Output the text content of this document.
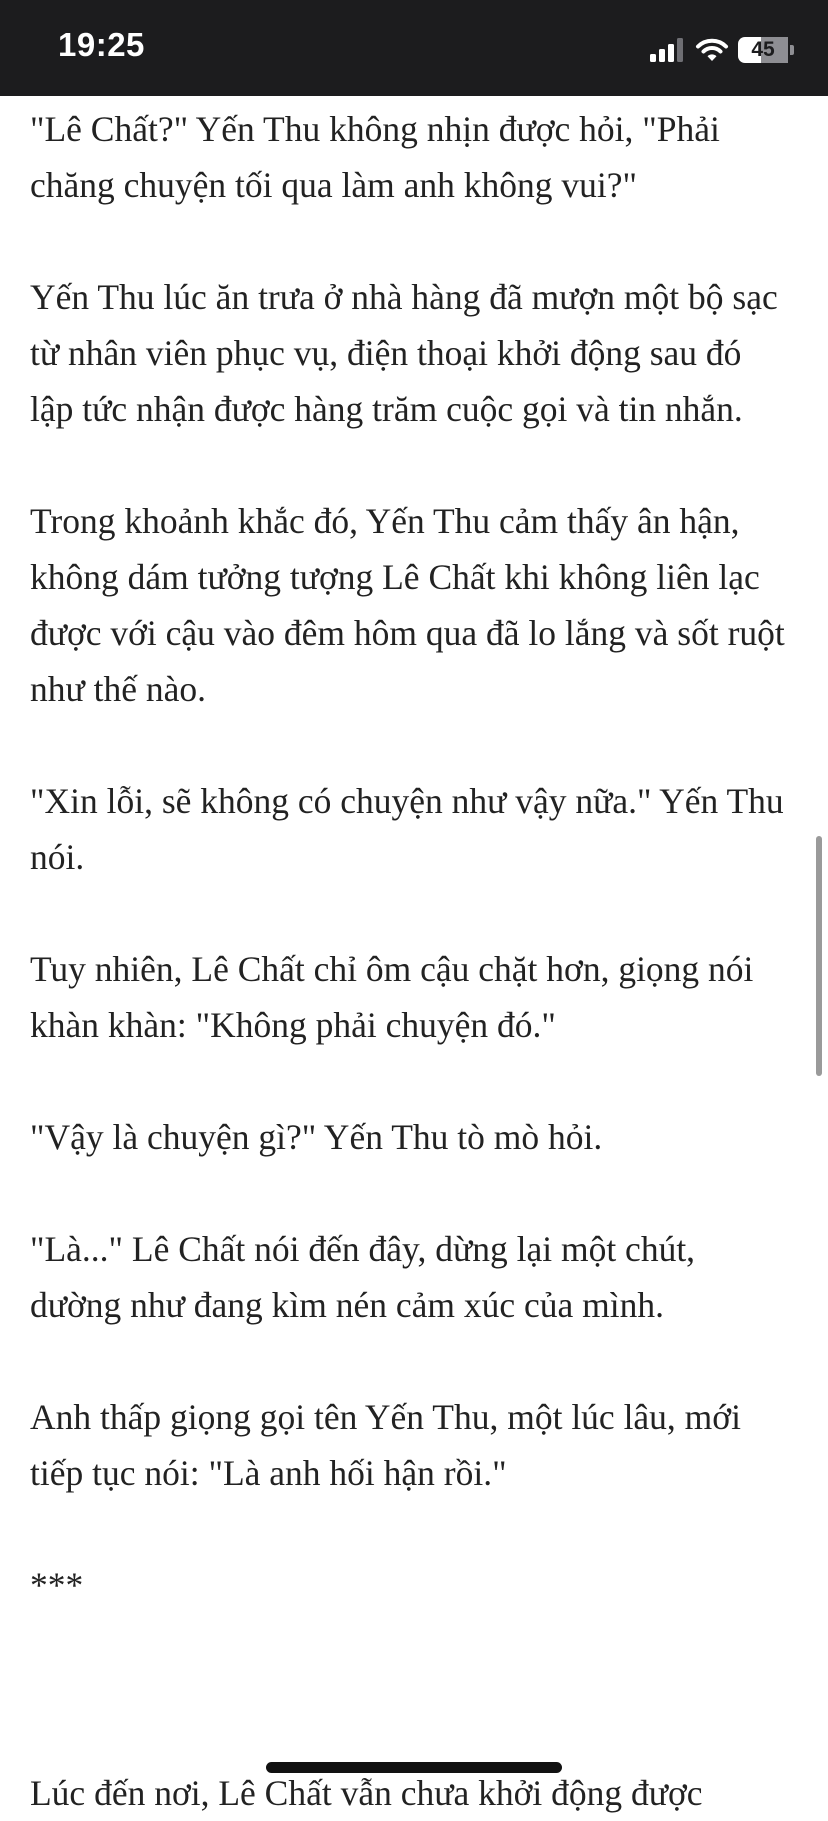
19:25	45

"Lê Chất?" Yến Thu không nhịn được hỏi, "Phải chăng chuyện tối qua làm anh không vui?"

Yến Thu lúc ăn trưa ở nhà hàng đã mượn một bộ sạc từ nhân viên phục vụ, điện thoại khởi động sau đó lập tức nhận được hàng trăm cuộc gọi và tin nhắn.

Trong khoảnh khắc đó, Yến Thu cảm thấy ân hận, không dám tưởng tượng Lê Chất khi không liên lạc được với cậu vào đêm hôm qua đã lo lắng và sốt ruột như thế nào.

"Xin lỗi, sẽ không có chuyện như vậy nữa." Yến Thu nói.

Tuy nhiên, Lê Chất chỉ ôm cậu chặt hơn, giọng nói khàn khàn: "Không phải chuyện đó."

"Vậy là chuyện gì?" Yến Thu tò mò hỏi.

"Là..." Lê Chất nói đến đây, dừng lại một chút, dường như đang kìm nén cảm xúc của mình.

Anh thấp giọng gọi tên Yến Thu, một lúc lâu, mới tiếp tục nói: "Là anh hối hận rồi."

***

Lúc đến nơi, Lê Chất vẫn chưa khởi động được
